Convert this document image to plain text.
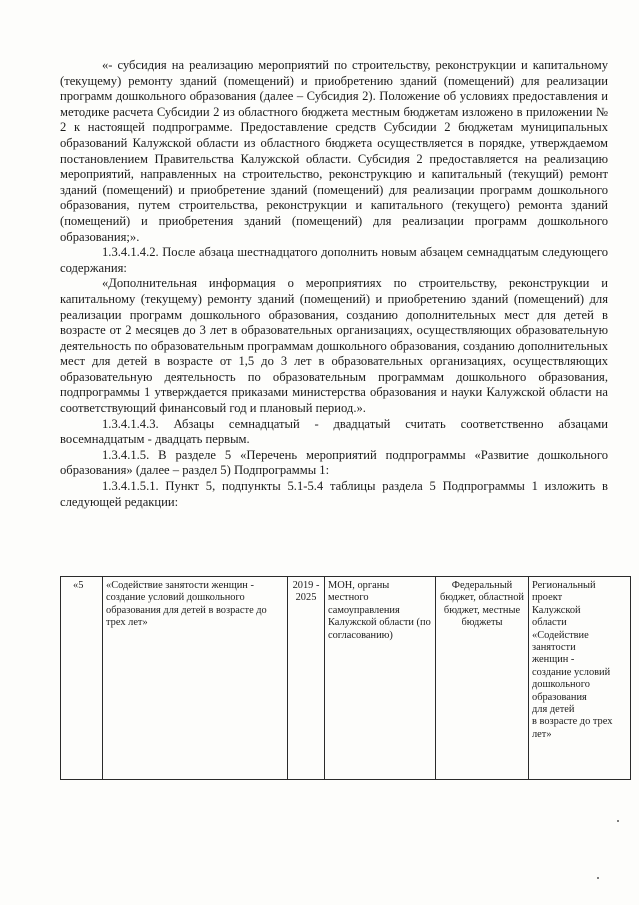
«- субсидия на реализацию мероприятий по строительству, реконструкции и капитальному (текущему) ремонту зданий (помещений) и приобретению зданий (помещений) для реализации программ дошкольного образования (далее – Субсидия 2). Положение об условиях предоставления и методике расчета Субсидии 2 из областного бюджета местным бюджетам изложено в приложении № 2 к настоящей подпрограмме. Предоставление средств Субсидии 2 бюджетам муниципальных образований Калужской области из областного бюджета осуществляется в порядке, утверждаемом постановлением Правительства Калужской области. Субсидия 2 предоставляется на реализацию мероприятий, направленных на строительство, реконструкцию и капитальный (текущий) ремонт зданий (помещений) и приобретение зданий (помещений) для реализации программ дошкольного образования, путем строительства, реконструкции и капитального (текущего) ремонта зданий (помещений) и приобретения зданий (помещений) для реализации программ дошкольного образования;».

1.3.4.1.4.2. После абзаца шестнадцатого дополнить новым абзацем семнадцатым следующего содержания:

«Дополнительная информация о мероприятиях по строительству, реконструкции и капитальному (текущему) ремонту зданий (помещений) и приобретению зданий (помещений) для реализации программ дошкольного образования, созданию дополнительных мест для детей в возрасте от 2 месяцев до 3 лет в образовательных организациях, осуществляющих образовательную деятельность по образовательным программам дошкольного образования, созданию дополнительных мест для детей в возрасте от 1,5 до 3 лет в образовательных организациях, осуществляющих образовательную деятельность по образовательным программам дошкольного образования, подпрограммы 1 утверждается приказами министерства образования и науки Калужской области на соответствующий финансовый год и плановый период.».

1.3.4.1.4.3. Абзацы семнадцатый - двадцатый считать соответственно абзацами восемнадцатым - двадцать первым.

1.3.4.1.5. В разделе 5 «Перечень мероприятий подпрограммы «Развитие дошкольного образования» (далее – раздел 5) Подпрограммы 1:

1.3.4.1.5.1. Пункт 5, подпункты 5.1-5.4 таблицы раздела 5 Подпрограммы 1 изложить в следующей редакции:

«5	«Содействие занятости женщин - создание условий дошкольного образования для детей в возрасте до трех лет»	2019 - 2025	МОН, органы местного самоуправления Калужской области (по согласованию)	Федеральный бюджет, областной бюджет, местные бюджеты	Региональный
проект
Калужской
области
«Содействие
занятости
женщин -
создание условий
дошкольного
образования
для детей
в возрасте до трех
лет»
